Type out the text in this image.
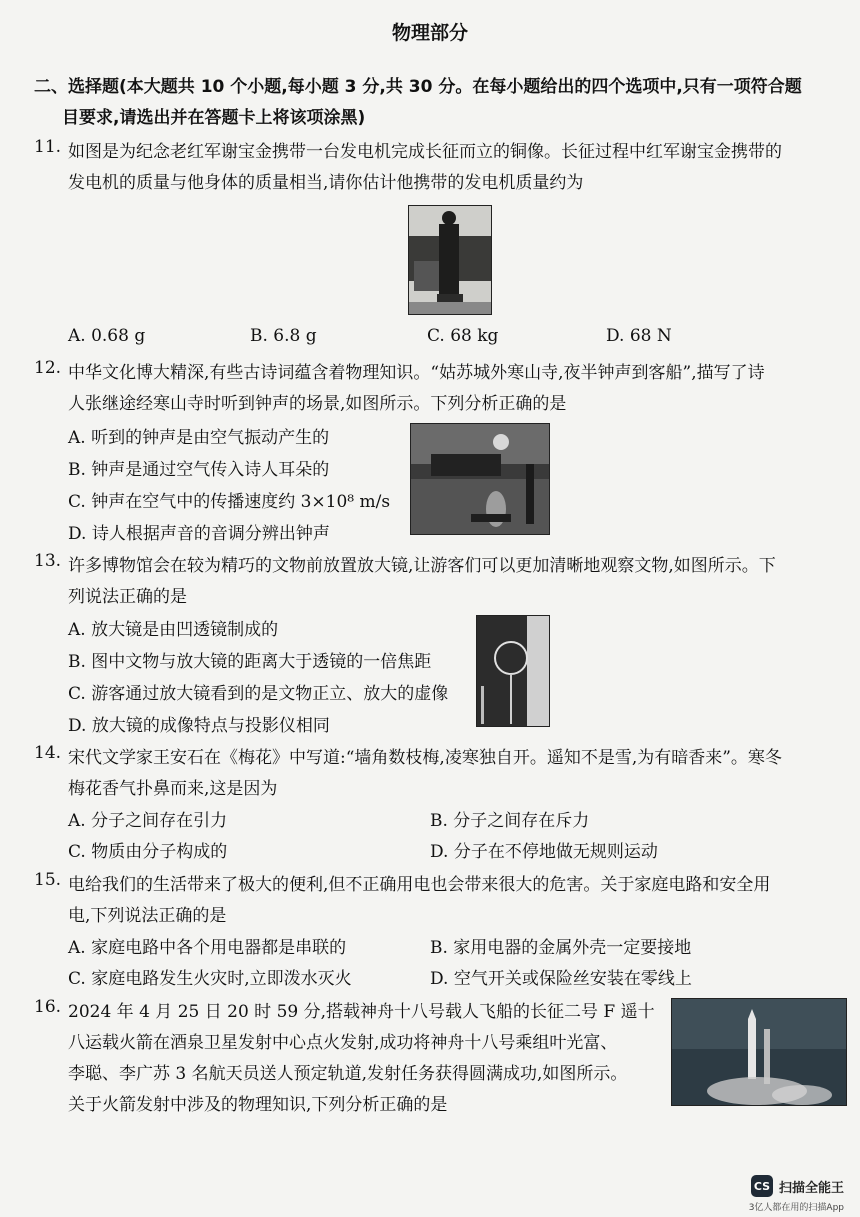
物理部分
二、选择题(本大题共 10 个小题,每小题 3 分,共 30 分。在每小题给出的四个选项中,只有一项符合题
目要求,请选出并在答题卡上将该项涂黑)
11. 如图是为纪念老红军谢宝金携带一台发电机完成长征而立的铜像。长征过程中红军谢宝金携带的
发电机的质量与他身体的质量相当,请你估计他携带的发电机质量约为
A. 0.68 g	B. 6.8 g	C. 68 kg	D. 68 N
12. 中华文化博大精深,有些古诗词蕴含着物理知识。“姑苏城外寒山寺,夜半钟声到客船”,描写了诗
人张继途经寒山寺时听到钟声的场景,如图所示。下列分析正确的是
A. 听到的钟声是由空气振动产生的
B. 钟声是通过空气传入诗人耳朵的
C. 钟声在空气中的传播速度约 3×10⁸ m/s
D. 诗人根据声音的音调分辨出钟声
13. 许多博物馆会在较为精巧的文物前放置放大镜,让游客们可以更加清晰地观察文物,如图所示。下
列说法正确的是
A. 放大镜是由凹透镜制成的
B. 图中文物与放大镜的距离大于透镜的一倍焦距
C. 游客通过放大镜看到的是文物正立、放大的虚像
D. 放大镜的成像特点与投影仪相同
14. 宋代文学家王安石在《梅花》中写道:“墙角数枝梅,凌寒独自开。遥知不是雪,为有暗香来”。寒冬
梅花香气扑鼻而来,这是因为
A. 分子之间存在引力	B. 分子之间存在斥力
C. 物质由分子构成的	D. 分子在不停地做无规则运动
15. 电给我们的生活带来了极大的便利,但不正确用电也会带来很大的危害。关于家庭电路和安全用
电,下列说法正确的是
A. 家庭电路中各个用电器都是串联的	B. 家用电器的金属外壳一定要接地
C. 家庭电路发生火灾时,立即泼水灭火	D. 空气开关或保险丝安装在零线上
16. 2024 年 4 月 25 日 20 时 59 分,搭载神舟十八号载人飞船的长征二号 F 遥十
八运载火箭在酒泉卫星发射中心点火发射,成功将神舟十八号乘组叶光富、
李聪、李广苏 3 名航天员送人预定轨道,发射任务获得圆满成功,如图所示。
关于火箭发射中涉及的物理知识,下列分析正确的是
CS 扫描全能王
3亿人都在用的扫描App
